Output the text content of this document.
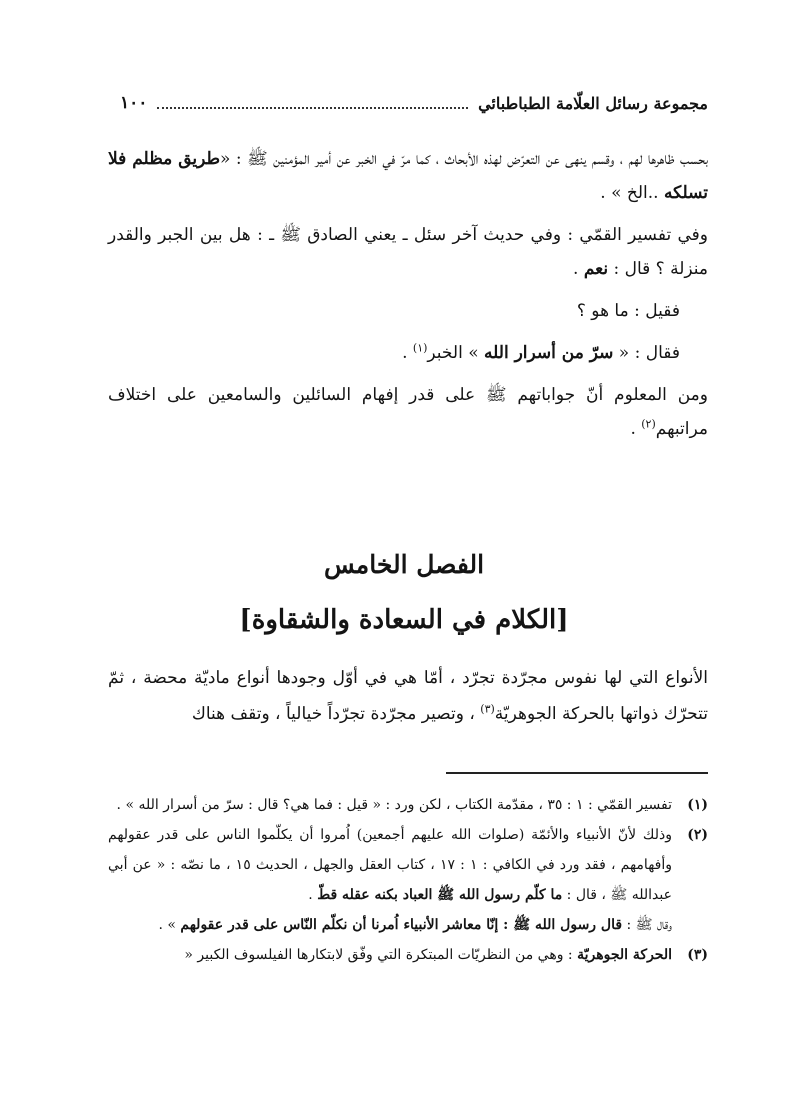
مجموعة رسائل العلّامة الطباطبائي
١٠٠

بحسب ظاهرها لهم ، وقسم ينهى عن التعرّض لهذه الأبحاث ، كما مرّ في الخبر عن أمير المؤمنين ﷺ : «طريق مظلم فلا تسلكه ..الخ » .

وفي تفسير القمّي : وفي حديث آخر سئل ـ يعني الصادق ﷺ ـ : هل بين الجبر والقدر منزلة ؟ قال : نعم .

فقيل : ما هو ؟

فقال : « سرّ من أسرار الله » الخبر$^{(١)}$ .

ومن المعلوم أنّ جواباتهم ﷺ على قدر إفهام السائلين والسامعين على اختلاف مراتبهم$^{(٢)}$ .

الفصل الخامس
[الكلام في السعادة والشقاوة]

الأنواع التي لها نفوس مجرّدة تجرّد ، أمّا هي في أوّل وجودها أنواع ماديّة محضة ، ثمّ تتحرّك ذواتها بالحركة الجوهريّة$^{(٣)}$ ، وتصير مجرّدة تجرّداً خيالياً ، وتقف هناك

(١)
تفسير القمّي : ١ : ٣٥ ، مقدّمة الكتاب ، لكن ورد : « قيل : فما هي؟ قال : سرّ من أسرار الله » .
(٢)
وذلك لأنّ الأنبياء والأئمّة (صلوات الله عليهم أجمعين) اُمروا أن يكلّموا الناس على قدر عقولهم وأفهامهم ، فقد ورد في الكافي : ١ : ١٧ ، كتاب العقل والجهل ، الحديث ١٥ ، ما نصّه : « عن أبي عبدالله ﷺ ، قال : ما كلّم رسول الله ﷺ العباد بكنه عقله قطّ .
وقال ﷺ : قال رسول الله ﷺ : إنّا معاشر الأنبياء اُمرنا أن نكلّم النّاس على قدر عقولهم » .
(٣)
الحركة الجوهريّة : وهي من النظريّات المبتكرة التي وفّق لابتكارها الفيلسوف الكبير «
